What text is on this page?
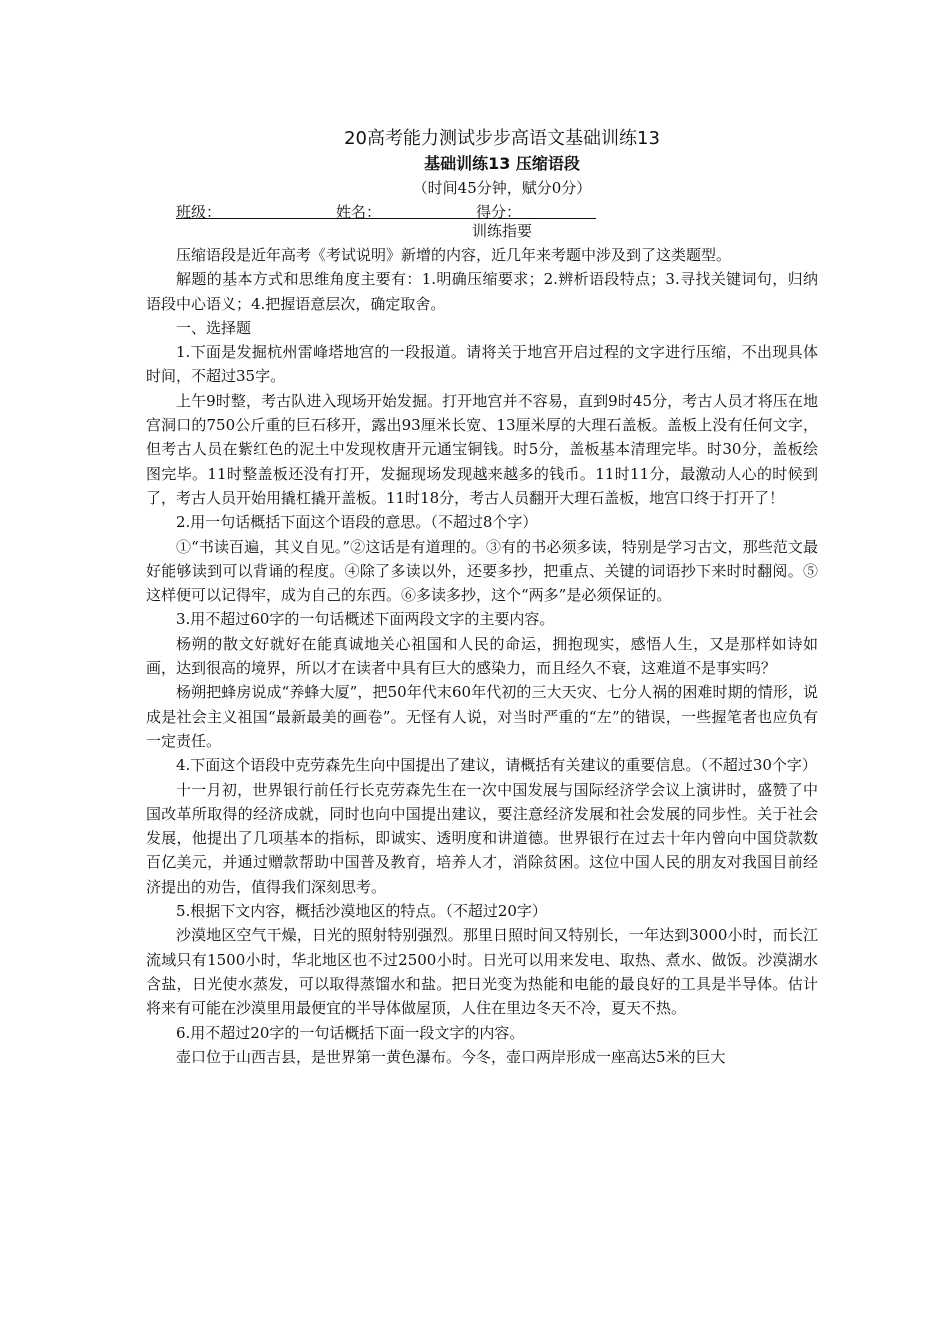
20高考能力测试步步高语文基础训练13
基础训练13 压缩语段
（时间45分钟，赋分0分）
班级：	姓名：	得分：
训练指要

压缩语段是近年高考《考试说明》新增的内容，近几年来考题中涉及到了这类题型。

解题的基本方式和思维角度主要有：1.明确压缩要求；2.辨析语段特点；3.寻找关键词句，归纳语段中心语义；4.把握语意层次，确定取舍。

一、选择题

1.下面是发掘杭州雷峰塔地宫的一段报道。请将关于地宫开启过程的文字进行压缩，不出现具体时间，不超过35字。

上午9时整，考古队进入现场开始发掘。打开地宫并不容易，直到9时45分，考古人员才将压在地宫洞口的750公斤重的巨石移开，露出93厘米长宽、13厘米厚的大理石盖板。盖板上没有任何文字，但考古人员在紫红色的泥土中发现枚唐开元通宝铜钱。时5分，盖板基本清理完毕。时30分，盖板绘图完毕。11时整盖板还没有打开，发掘现场发现越来越多的钱币。11时11分，最激动人心的时候到了，考古人员开始用撬杠撬开盖板。11时18分，考古人员翻开大理石盖板，地宫口终于打开了！

2.用一句话概括下面这个语段的意思。（不超过8个字）

①“书读百遍，其义自见。”②这话是有道理的。③有的书必须多读，特别是学习古文，那些范文最好能够读到可以背诵的程度。④除了多读以外，还要多抄，把重点、关键的词语抄下来时时翻阅。⑤这样便可以记得牢，成为自己的东西。⑥多读多抄，这个“两多”是必须保证的。

3.用不超过60字的一句话概述下面两段文字的主要内容。

杨朔的散文好就好在能真诚地关心祖国和人民的命运，拥抱现实，感悟人生，又是那样如诗如画，达到很高的境界，所以才在读者中具有巨大的感染力，而且经久不衰，这难道不是事实吗？

杨朔把蜂房说成“养蜂大厦”，把50年代末60年代初的三大天灾、七分人祸的困难时期的情形，说成是社会主义祖国“最新最美的画卷”。无怪有人说，对当时严重的“左”的错误，一些握笔者也应负有一定责任。

4.下面这个语段中克劳森先生向中国提出了建议，请概括有关建议的重要信息。（不超过30个字）

十一月初，世界银行前任行长克劳森先生在一次中国发展与国际经济学会议上演讲时，盛赞了中国改革所取得的经济成就，同时也向中国提出建议，要注意经济发展和社会发展的同步性。关于社会发展，他提出了几项基本的指标，即诚实、透明度和讲道德。世界银行在过去十年内曾向中国贷款数百亿美元，并通过赠款帮助中国普及教育，培养人才，消除贫困。这位中国人民的朋友对我国目前经济提出的劝告，值得我们深刻思考。

5.根据下文内容，概括沙漠地区的特点。（不超过20字）

沙漠地区空气干燥，日光的照射特别强烈。那里日照时间又特别长，一年达到3000小时，而长江流域只有1500小时，华北地区也不过2500小时。日光可以用来发电、取热、煮水、做饭。沙漠湖水含盐，日光使水蒸发，可以取得蒸馏水和盐。把日光变为热能和电能的最良好的工具是半导体。估计将来有可能在沙漠里用最便宜的半导体做屋顶，人住在里边冬天不冷，夏天不热。

6.用不超过20字的一句话概括下面一段文字的内容。

壶口位于山西吉县，是世界第一黄色瀑布。今冬，壶口两岸形成一座高达5米的巨大
